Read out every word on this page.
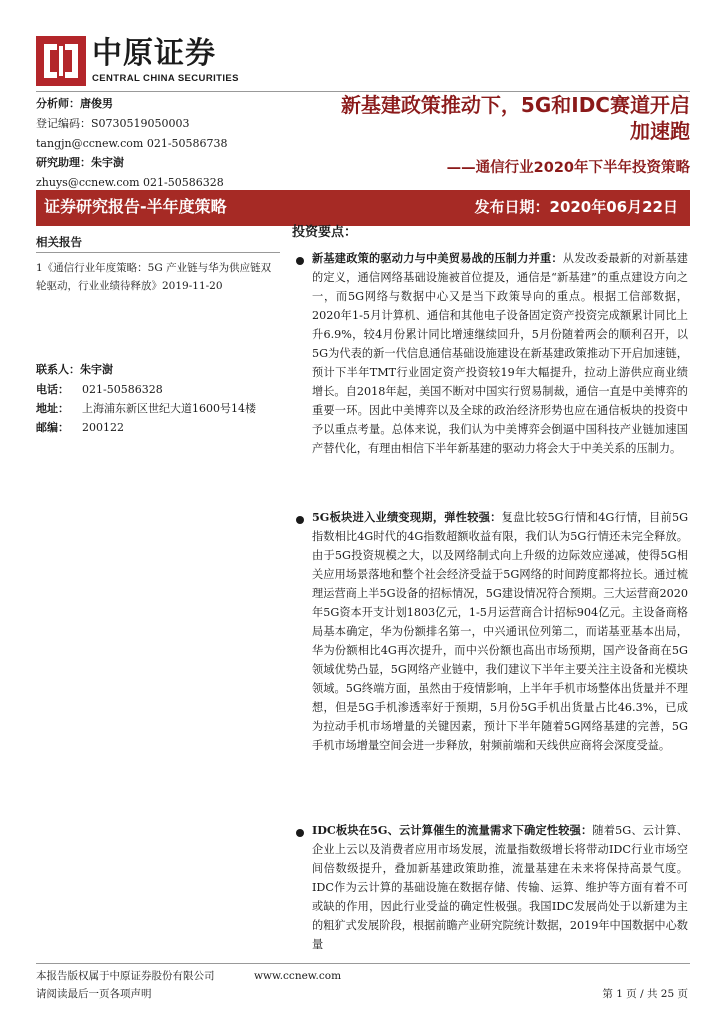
中原证券
CENTRAL CHINA SECURITIES
分析师：唐俊男
登记编码：S0730519050003
tangjn@ccnew.com 021-50586738
研究助理：朱宇澍
zhuys@ccnew.com 021-50586328
新基建政策推动下，5G和IDC赛道开启
加速跑
——通信行业2020年下半年投资策略
证券研究报告-半年度策略	发布日期：2020年06月22日
相关报告
1《通信行业年度策略：5G 产业链与华为供应链双轮驱动，行业业绩待释放》2019-11-20
联系人：朱宇澍
电话： 021-50586328
地址： 上海浦东新区世纪大道1600号14楼
邮编： 200122
投资要点：
新基建政策的驱动力与中美贸易战的压制力并重：从发改委最新的对新基建的定义，通信网络基础设施被首位提及，通信是“新基建”的重点建设方向之一，而5G网络与数据中心又是当下政策导向的重点。根据工信部数据，2020年1-5月计算机、通信和其他电子设备固定资产投资完成额累计同比上升6.9%，较4月份累计同比增速继续回升，5月份随着两会的顺利召开，以5G为代表的新一代信息通信基础设施建设在新基建政策推动下开启加速链，预计下半年TMT行业固定资产投资较19年大幅提升，拉动上游供应商业绩增长。自2018年起，美国不断对中国实行贸易制裁，通信一直是中美博弈的重要一环。因此中美博弈以及全球的政治经济形势也应在通信板块的投资中予以重点考量。总体来说，我们认为中美博弈会倒逼中国科技产业链加速国产替代化，有理由相信下半年新基建的驱动力将会大于中美关系的压制力。
5G板块进入业绩变现期，弹性较强：复盘比较5G行情和4G行情，目前5G指数相比4G时代的4G指数超额收益有限，我们认为5G行情还未完全释放。由于5G投资规模之大，以及网络制式向上升级的边际效应递减，使得5G相关应用场景落地和整个社会经济受益于5G网络的时间跨度都将拉长。通过梳理运营商上半5G设备的招标情况，5G建设情况符合预期。三大运营商2020年5G资本开支计划1803亿元，1-5月运营商合计招标904亿元。主设备商格局基本确定，华为份额排名第一，中兴通讯位列第二，而诺基亚基本出局，华为份额相比4G再次提升，而中兴份额也高出市场预期，国产设备商在5G领域优势凸显，5G网络产业链中，我们建议下半年主要关注主设备和光模块领域。5G终端方面，虽然由于疫情影响，上半年手机市场整体出货量并不理想，但是5G手机渗透率好于预期，5月份5G手机出货量占比46.3%，已成为拉动手机市场增量的关键因素，预计下半年随着5G网络基建的完善，5G手机市场增量空间会进一步释放，射频前端和天线供应商将会深度受益。
IDC板块在5G、云计算催生的流量需求下确定性较强：随着5G、云计算、企业上云以及消费者应用市场发展，流量指数级增长将带动IDC行业市场空间倍数级提升，叠加新基建政策助推，流量基建在未来将保持高景气度。IDC作为云计算的基础设施在数据存储、传输、运算、维护等方面有着不可或缺的作用，因此行业受益的确定性极强。我国IDC发展尚处于以新建为主的粗犷式发展阶段，根据前瞻产业研究院统计数据，2019年中国数据中心数量
本报告版权属于中原证券股份有限公司	www.ccnew.com
请阅读最后一页各项声明	第 1 页 / 共 25 页
